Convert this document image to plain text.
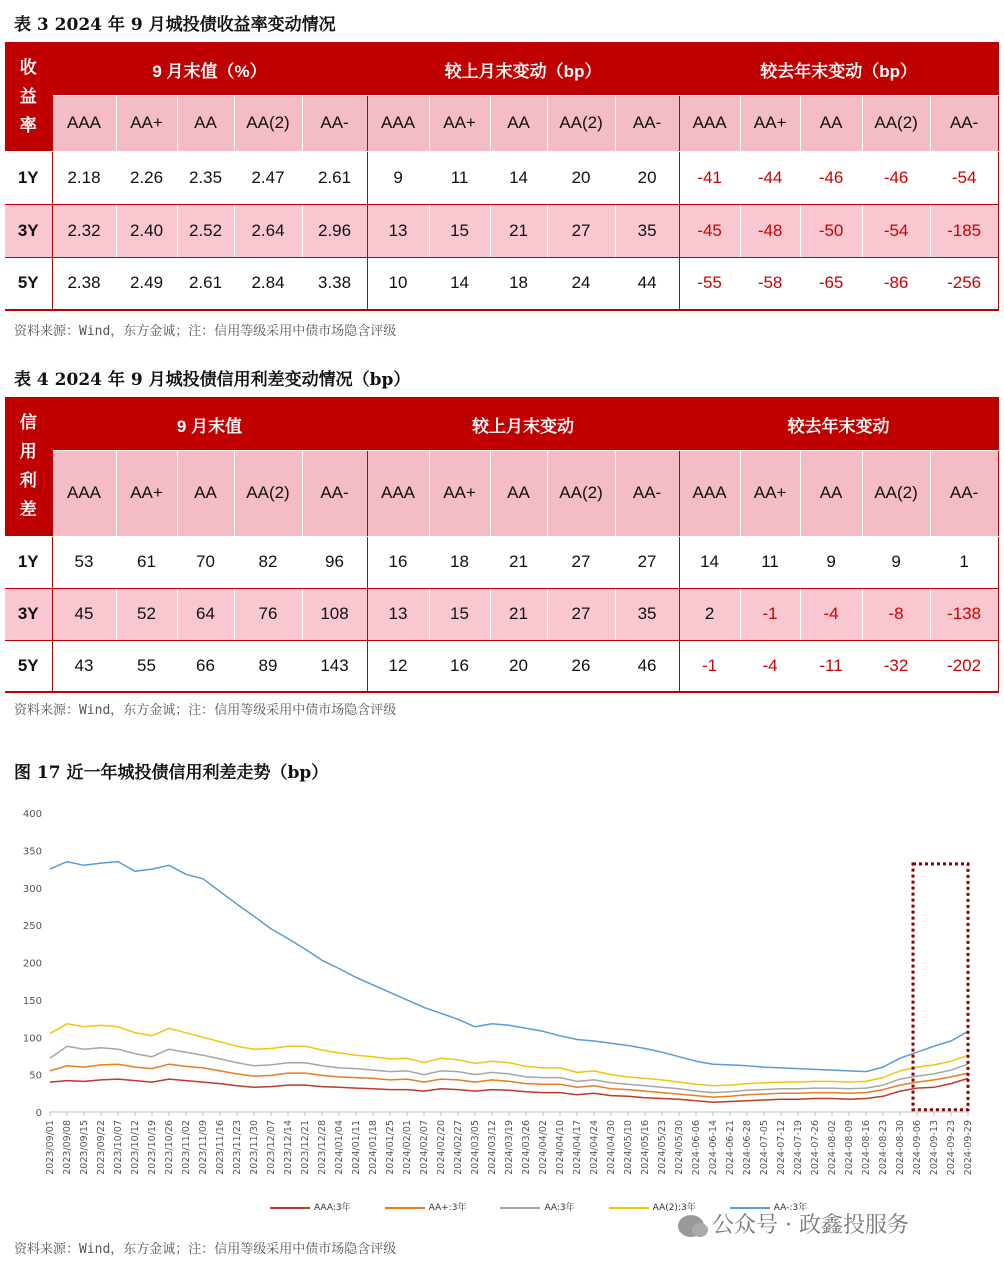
表 3 2024 年 9 月城投债收益率变动情况
收
益
率	9 月末值（%）					较上月末变动（bp）					较去年末变动（bp）				
	AAA	AA+	AA	AA(2)	AA-	AAA	AA+	AA	AA(2)	AA-	AAA	AA+	AA	AA(2)	AA-
1Y	2.18	2.26	2.35	2.47	2.61	9	11	14	20	20	-41	-44	-46	-46	-54
3Y	2.32	2.40	2.52	2.64	2.96	13	15	21	27	35	-45	-48	-50	-54	-185
5Y	2.38	2.49	2.61	2.84	3.38	10	14	18	24	44	-55	-58	-65	-86	-256
资料来源：Wind，东方金诚；注：信用等级采用中债市场隐含评级
表 4 2024 年 9 月城投债信用利差变动情况（bp）
信
用
利
差	9 月末值					较上月末变动					较去年末变动				
	AAA	AA+	AA	AA(2)	AA-	AAA	AA+	AA	AA(2)	AA-	AAA	AA+	AA	AA(2)	AA-
1Y	53	61	70	82	96	16	18	21	27	27	14	11	9	9	1
3Y	45	52	64	76	108	13	15	21	27	35	2	-1	-4	-8	-138
5Y	43	55	66	89	143	12	16	20	26	46	-1	-4	-11	-32	-202
资料来源：Wind，东方金诚；注：信用等级采用中债市场隐含评级
图 17 近一年城投债信用利差走势（bp）
0
50
100
150
200
250
300
350
400
2023/09/01 2023/09/08 2023/09/15 2023/09/22 2023/10/07 2023/10/12 2023/10/19 2023/10/26 2023/11/02 2023/11/09 2023/11/16 2023/11/23 2023/11/30 2023/12/07 2023/12/14 2023/12/21 2023/12/28 2024/01/04 2024/01/11 2024/01/18 2024/01/25 2024/02/01 2024/02/07 2024/02/20 2024/02/27 2024/03/05 2024/03/12 2024/03/19 2024/03/26 2024/04/02 2024/04/10 2024/04/17 2024/04/24 2024/04/30 2024/05/10 2024/05/16 2024/05/23 2024/05/30 2024-06-06 2024-06-14 2024-06-21 2024-06-28 2024-07-05 2024-07-12 2024-07-19 2024-07-26 2024-08-02 2024-08-09 2024-08-16 2024-08-23 2024-08-30 2024-09-06 2024-09-13 2024-09-23 2024-09-29
AAA:3年	AA+:3年	AA:3年	AA(2):3年	AA-:3年
公众号 · 政鑫投服务
资料来源：Wind，东方金诚；注：信用等级采用中债市场隐含评级
